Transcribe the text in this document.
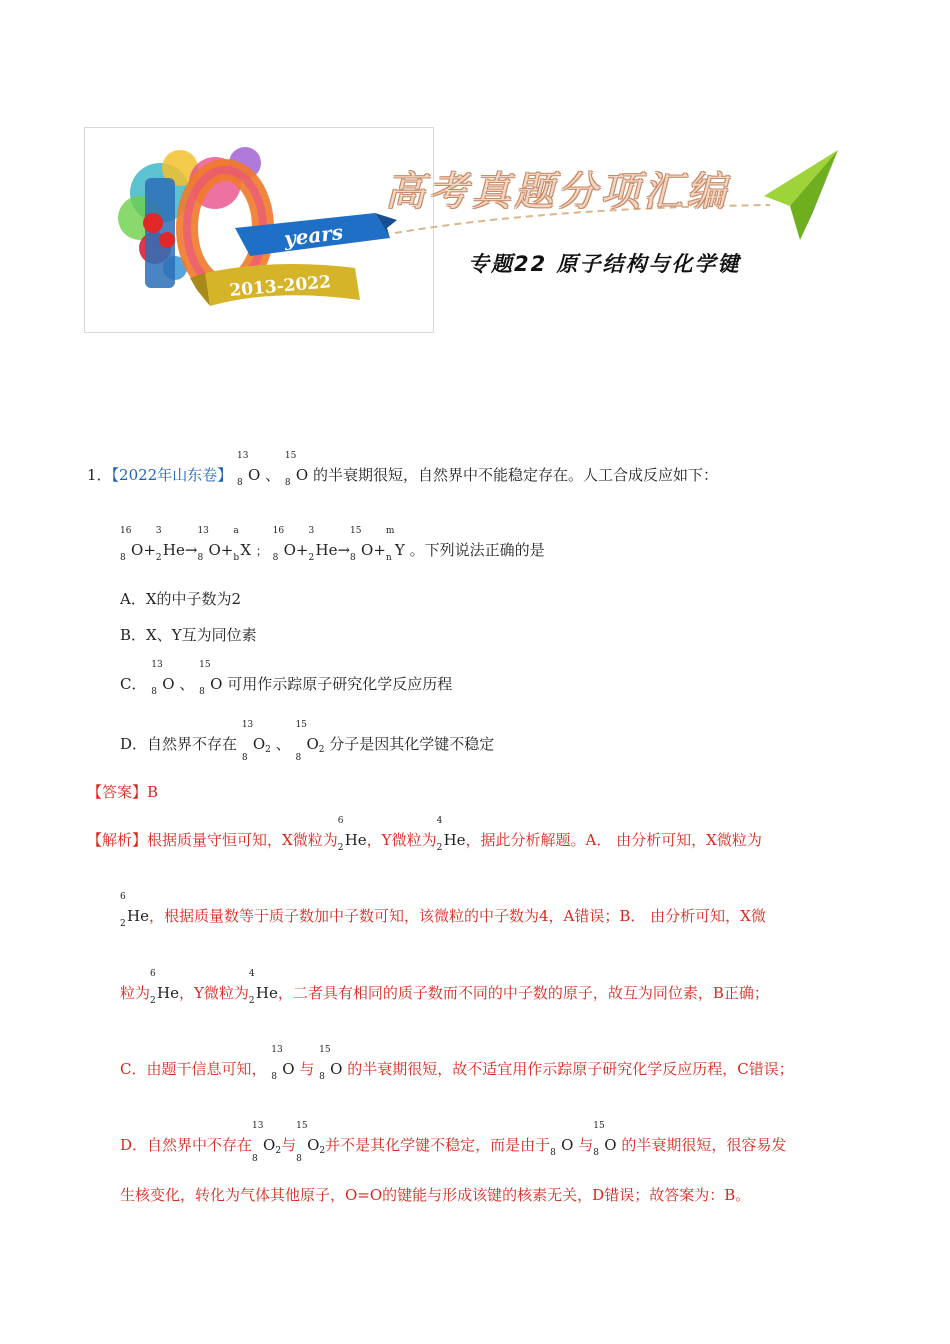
years
2013-2022
高考真题分项汇编
专题22 原子结构与化学键
1．【2022年山东卷】
13
8 O 、
15
8 O 的半衰期很短，自然界中不能稳定存在。人工合成反应如下：
16
8 O+
3
2 He→
13
8 O+
a
b X ；
16
8 O+
3
2 He→
15
8 O+
m
n Y 。下列说法正确的是
A．X的中子数为2
B．X、Y互为同位素
C．
13
8 O 、
15
8 O 可用作示踪原子研究化学反应历程
D．自然界不存在
13
8
$O_2$ 、
15
8
$O_2$ 分子是因其化学键不稳定
【答案】B
【解析】根据质量守恒可知，X微粒为
6
2 He，Y微粒为
4
2 He，据此分析解题。A． 由分析可知，X微粒为
6
2 He，根据质量数等于质子数加中子数可知，该微粒的中子数为4，A错误；B． 由分析可知，X微
粒为
6
2 He，Y微粒为
4
2 He，二者具有相同的质子数而不同的中子数的原子，故互为同位素，B正确；
C．由题干信息可知，
13
8 O 与
15
8 O 的半衰期很短，故不适宜用作示踪原子研究化学反应历程，C错误；
D．自然界中不存在
13
8
$O_2$与
15
8
$O_2$并不是其化学键不稳定，而是由于 8 O 与
15
8 O 的半衰期很短，很容易发
生核变化，转化为气体其他原子，O=O的键能与形成该键的核素无关，D错误；故答案为：B。
